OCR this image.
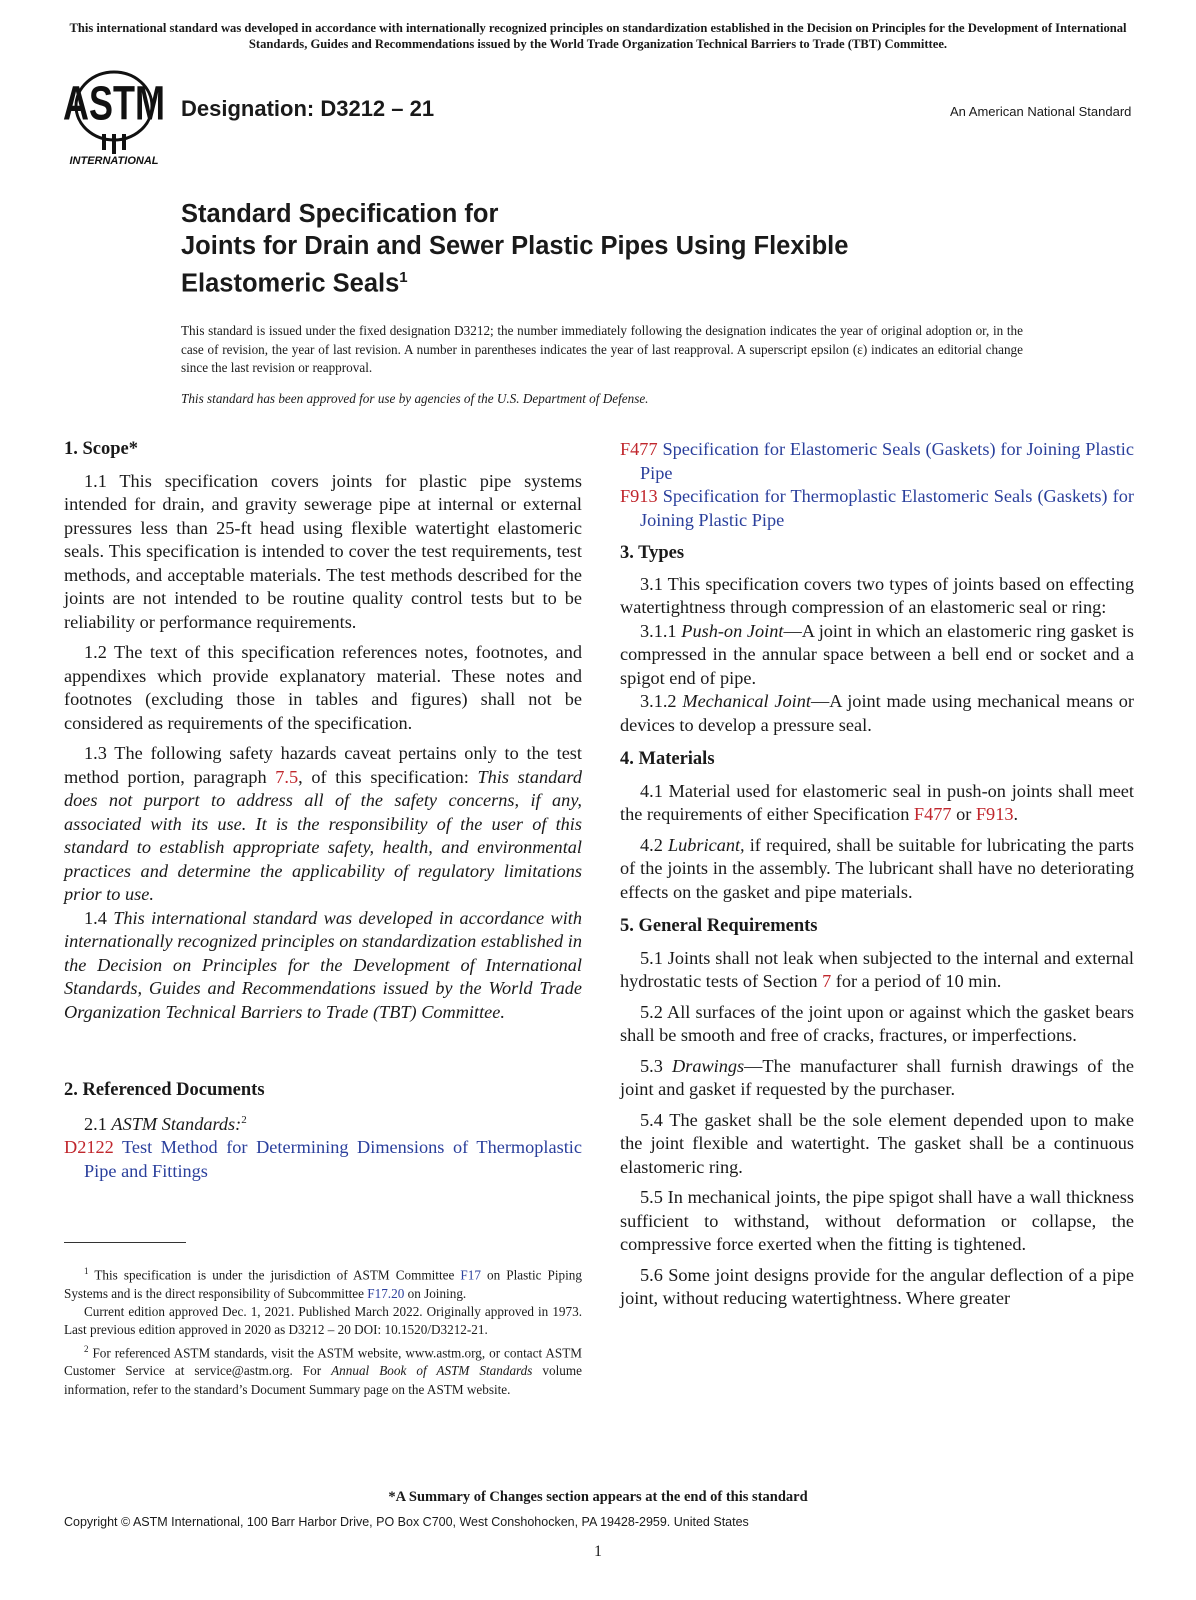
This international standard was developed in accordance with internationally recognized principles on standardization established in the Decision on Principles for the Development of International Standards, Guides and Recommendations issued by the World Trade Organization Technical Barriers to Trade (TBT) Committee.
ASTM
INTERNATIONAL
Designation: D3212 – 21	An American National Standard
Standard Specification for
Joints for Drain and Sewer Plastic Pipes Using Flexible
Elastomeric Seals$^1$
This standard is issued under the fixed designation D3212; the number immediately following the designation indicates the year of original adoption or, in the case of revision, the year of last revision. A number in parentheses indicates the year of last reapproval. A superscript epsilon (ε) indicates an editorial change since the last revision or reapproval.
This standard has been approved for use by agencies of the U.S. Department of Defense.

1. Scope*

1.1 This specification covers joints for plastic pipe systems intended for drain, and gravity sewerage pipe at internal or external pressures less than 25-ft head using flexible watertight elastomeric seals. This specification is intended to cover the test requirements, test methods, and acceptable materials. The test methods described for the joints are not intended to be routine quality control tests but to be reliability or performance requirements.

1.2 The text of this specification references notes, footnotes, and appendixes which provide explanatory material. These notes and footnotes (excluding those in tables and figures) shall not be considered as requirements of the specification.

1.3 The following safety hazards caveat pertains only to the test method portion, paragraph 7.5, of this specification: This standard does not purport to address all of the safety concerns, if any, associated with its use. It is the responsibility of the user of this standard to establish appropriate safety, health, and environmental practices and determine the applicability of regulatory limitations prior to use.

1.4 This international standard was developed in accordance with internationally recognized principles on standardization established in the Decision on Principles for the Development of International Standards, Guides and Recommendations issued by the World Trade Organization Technical Barriers to Trade (TBT) Committee.

2. Referenced Documents

2.1 ASTM Standards:$^2$

D2122 Test Method for Determining Dimensions of Thermoplastic Pipe and Fittings

$^1$ This specification is under the jurisdiction of ASTM Committee F17 on Plastic Piping Systems and is the direct responsibility of Subcommittee F17.20 on Joining.

Current edition approved Dec. 1, 2021. Published March 2022. Originally approved in 1973. Last previous edition approved in 2020 as D3212 – 20 DOI: 10.1520/D3212-21.

$^2$ For referenced ASTM standards, visit the ASTM website, www.astm.org, or contact ASTM Customer Service at service@astm.org. For Annual Book of ASTM Standards volume information, refer to the standard’s Document Summary page on the ASTM website.

F477 Specification for Elastomeric Seals (Gaskets) for Joining Plastic Pipe

F913 Specification for Thermoplastic Elastomeric Seals (Gaskets) for Joining Plastic Pipe

3. Types

3.1 This specification covers two types of joints based on effecting watertightness through compression of an elastomeric seal or ring:

3.1.1 Push-on Joint—A joint in which an elastomeric ring gasket is compressed in the annular space between a bell end or socket and a spigot end of pipe.

3.1.2 Mechanical Joint—A joint made using mechanical means or devices to develop a pressure seal.

4. Materials

4.1 Material used for elastomeric seal in push-on joints shall meet the requirements of either Specification F477 or F913.

4.2 Lubricant, if required, shall be suitable for lubricating the parts of the joints in the assembly. The lubricant shall have no deteriorating effects on the gasket and pipe materials.

5. General Requirements

5.1 Joints shall not leak when subjected to the internal and external hydrostatic tests of Section 7 for a period of 10 min.

5.2 All surfaces of the joint upon or against which the gasket bears shall be smooth and free of cracks, fractures, or imperfections.

5.3 Drawings—The manufacturer shall furnish drawings of the joint and gasket if requested by the purchaser.

5.4 The gasket shall be the sole element depended upon to make the joint flexible and watertight. The gasket shall be a continuous elastomeric ring.

5.5 In mechanical joints, the pipe spigot shall have a wall thickness sufficient to withstand, without deformation or collapse, the compressive force exerted when the fitting is tightened.

5.6 Some joint designs provide for the angular deflection of a pipe joint, without reducing watertightness. Where greater

*A Summary of Changes section appears at the end of this standard
Copyright © ASTM International, 100 Barr Harbor Drive, PO Box C700, West Conshohocken, PA 19428-2959. United States
1
